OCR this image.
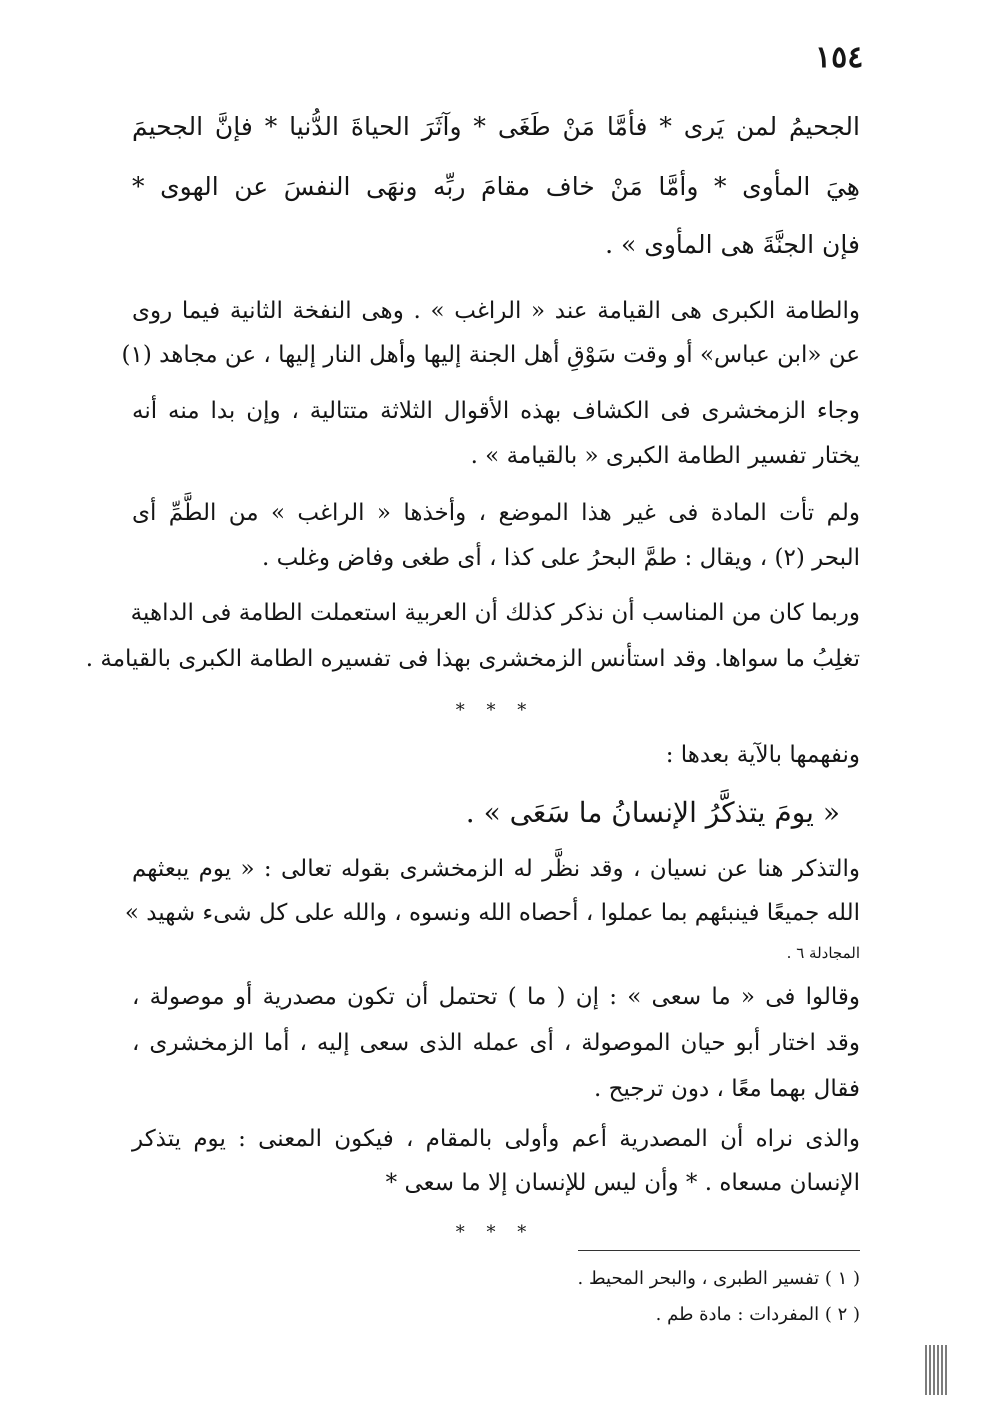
١٥٤
الجحيمُ لمن يَرى * فأمَّا مَنْ طَغَى * وآثَرَ الحياةَ الدُّنيا * فإنَّ الجحيمَ
هِيَ المأوى * وأمَّا مَنْ خاف مقامَ ربِّه ونهَى النفسَ عن الهوى *
فإن الجنَّةَ هى المأوى » .
والطامة الكبرى هى القيامة عند « الراغب » . وهى النفخة الثانية فيما روى
عن «ابن عباس» أو وقت سَوْقِ أهل الجنة إليها وأهل النار إليها ، عن مجاهد (١)
وجاء الزمخشرى فى الكشاف بهذه الأقوال الثلاثة متتالية ، وإن بدا منه أنه
يختار تفسير الطامة الكبرى « بالقيامة » .
ولم تأت المادة فى غير هذا الموضع ، وأخذها « الراغب » من الطَّمِّ أى
البحر (٢) ، ويقال : طمَّ البحرُ على كذا ، أى طغى وفاض وغلب .
وربما كان من المناسب أن نذكر كذلك أن العربية استعملت الطامة فى الداهية
تغلِبُ ما سواها. وقد استأنس الزمخشرى بهذا فى تفسيره الطامة الكبرى بالقيامة .
* * *
ونفهمها بالآية بعدها :
« يومَ يتذكَّرُ الإنسانُ ما سَعَى » .
والتذكر هنا عن نسيان ، وقد نظَّر له الزمخشرى بقوله تعالى : « يوم يبعثهم
الله جميعًا فينبئهم بما عملوا ، أحصاه الله ونسوه ، والله على كل شىء شهيد »
المجادلة ٦ .
وقالوا فى « ما سعى » : إن ( ما ) تحتمل أن تكون مصدرية أو موصولة ،
وقد اختار أبو حيان الموصولة ، أى عمله الذى سعى إليه ، أما الزمخشرى ،
فقال بهما معًا ، دون ترجيح .
والذى نراه أن المصدرية أعم وأولى بالمقام ، فيكون المعنى : يوم يتذكر
الإنسان مسعاه . * وأن ليس للإنسان إلا ما سعى *
* * *
( ١ ) تفسير الطبرى ، والبحر المحيط .
( ٢ ) المفردات : مادة طم .
